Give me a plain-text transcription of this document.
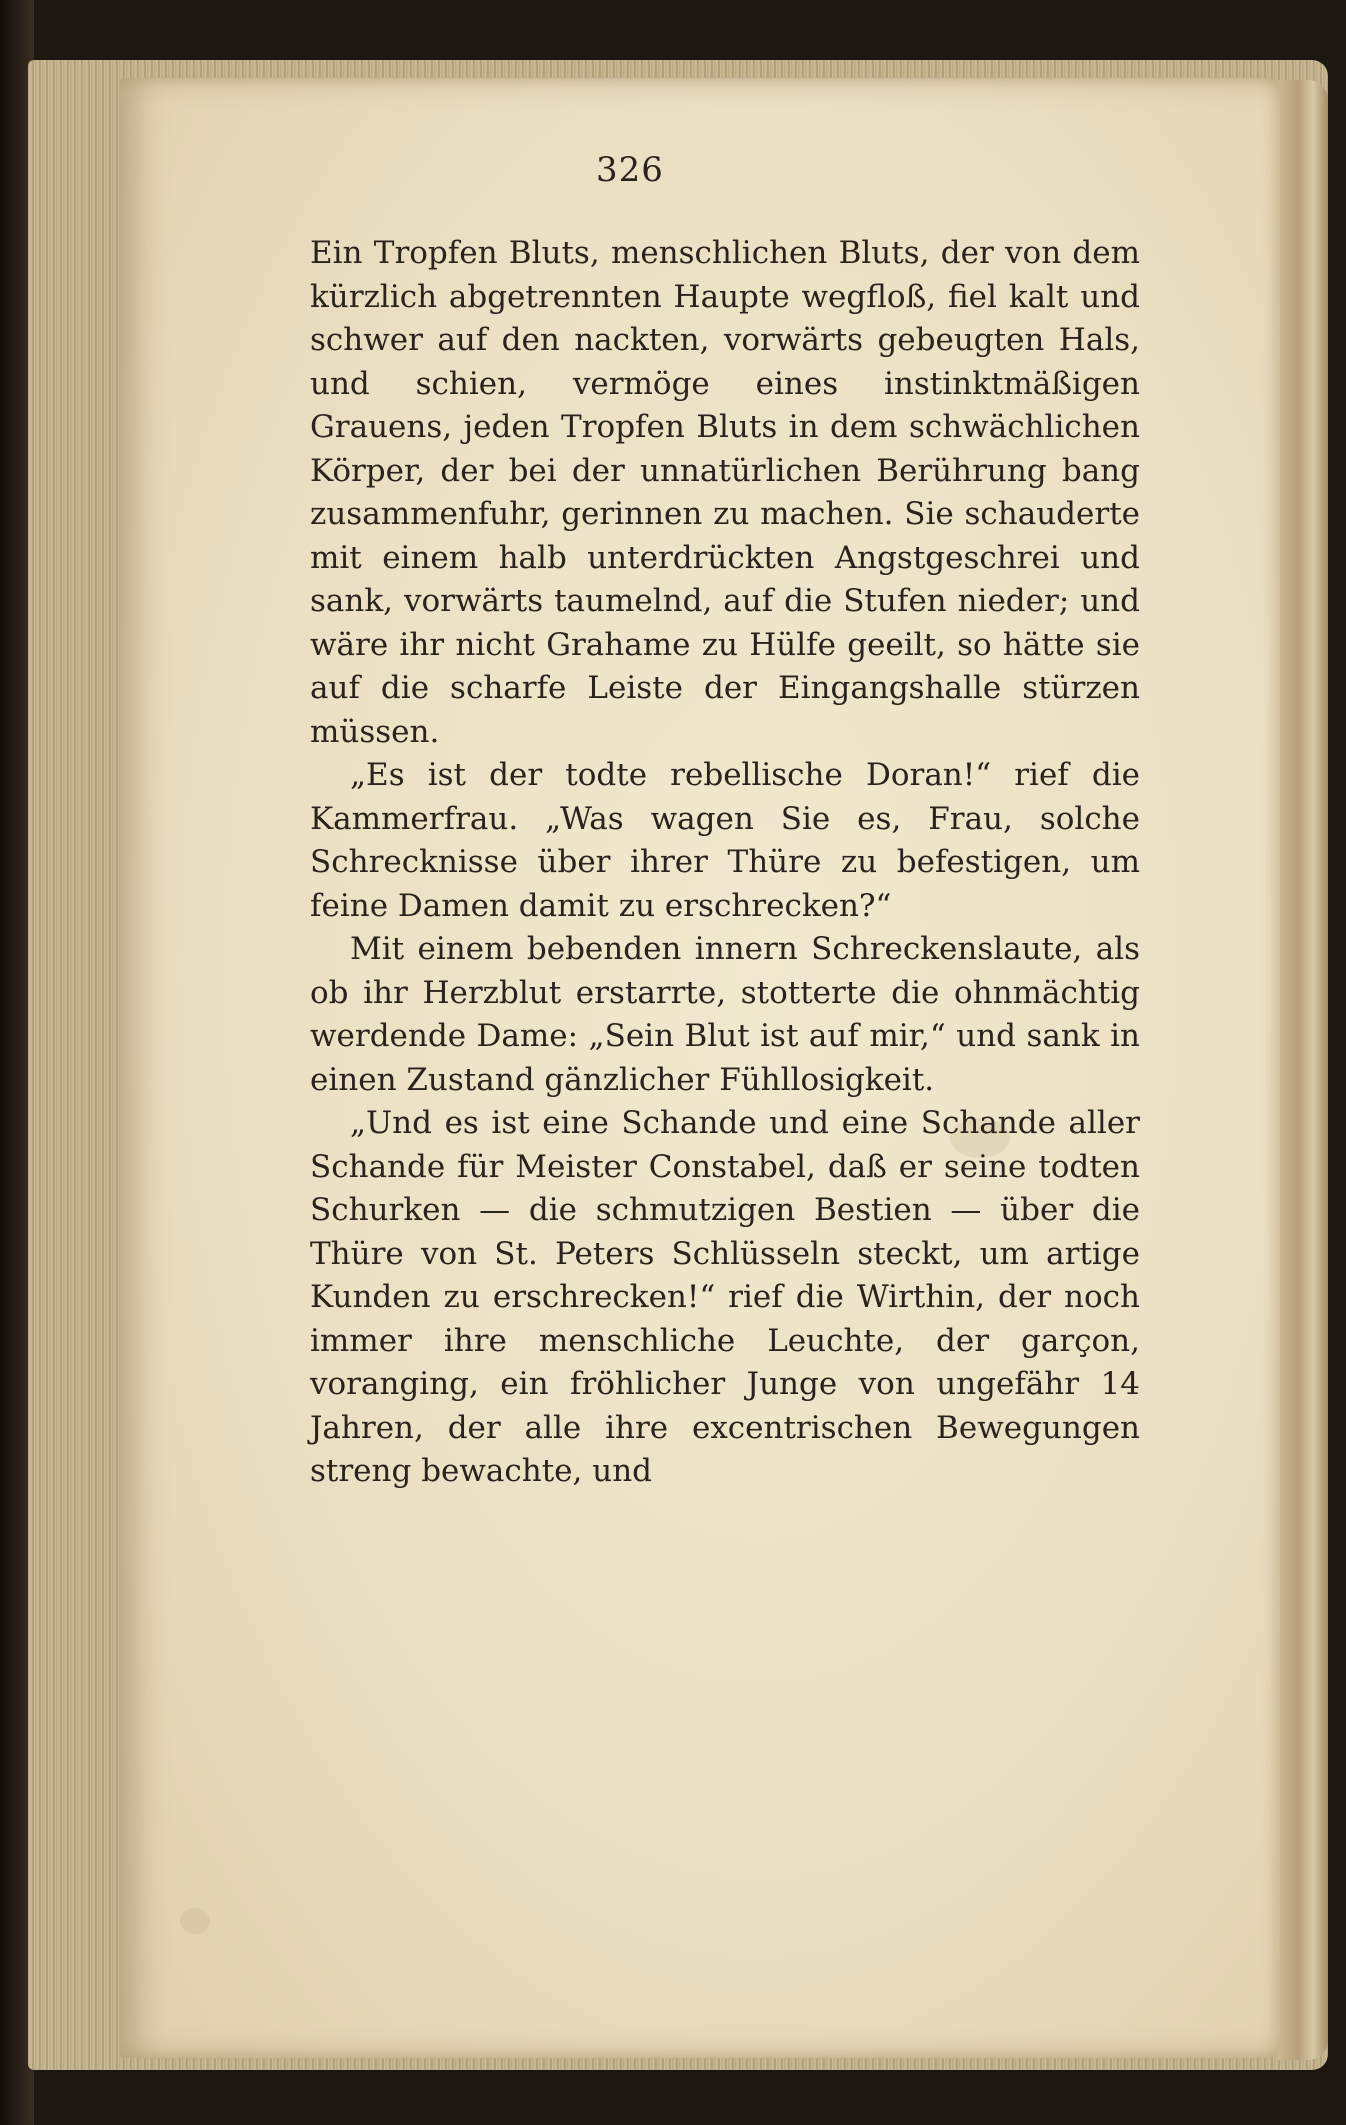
326

Ein Tropfen Bluts, menschlichen Bluts, der von dem kürzlich abgetrennten Haupte wegfloß, fiel kalt und schwer auf den nackten, vorwärts gebeugten Hals, und schien, vermöge eines instinktmäßigen Grauens, jeden Tropfen Bluts in dem schwächlichen Körper, der bei der unnatürlichen Berührung bang zusammenfuhr, gerinnen zu machen. Sie schauderte mit einem halb unterdrückten Angstgeschrei und sank, vorwärts taumelnd, auf die Stufen nieder; und wäre ihr nicht Grahame zu Hülfe geeilt, so hätte sie auf die scharfe Leiste der Eingangshalle stürzen müssen.

„Es ist der todte rebellische Doran!“ rief die Kammerfrau. „Was wagen Sie es, Frau, solche Schrecknisse über ihrer Thüre zu befestigen, um feine Damen damit zu erschrecken?“

Mit einem bebenden innern Schreckenslaute, als ob ihr Herzblut erstarrte, stotterte die ohnmächtig werdende Dame: „Sein Blut ist auf mir,“ und sank in einen Zustand gänzlicher Fühllosigkeit.

„Und es ist eine Schande und eine Schande aller Schande für Meister Constabel, daß er seine todten Schurken — die schmutzigen Bestien — über die Thüre von St. Peters Schlüsseln steckt, um artige Kunden zu erschrecken!“ rief die Wirthin, der noch immer ihre menschliche Leuchte, der garçon, voranging, ein fröhlicher Junge von ungefähr 14 Jahren, der alle ihre excentrischen Bewegungen streng bewachte, und
